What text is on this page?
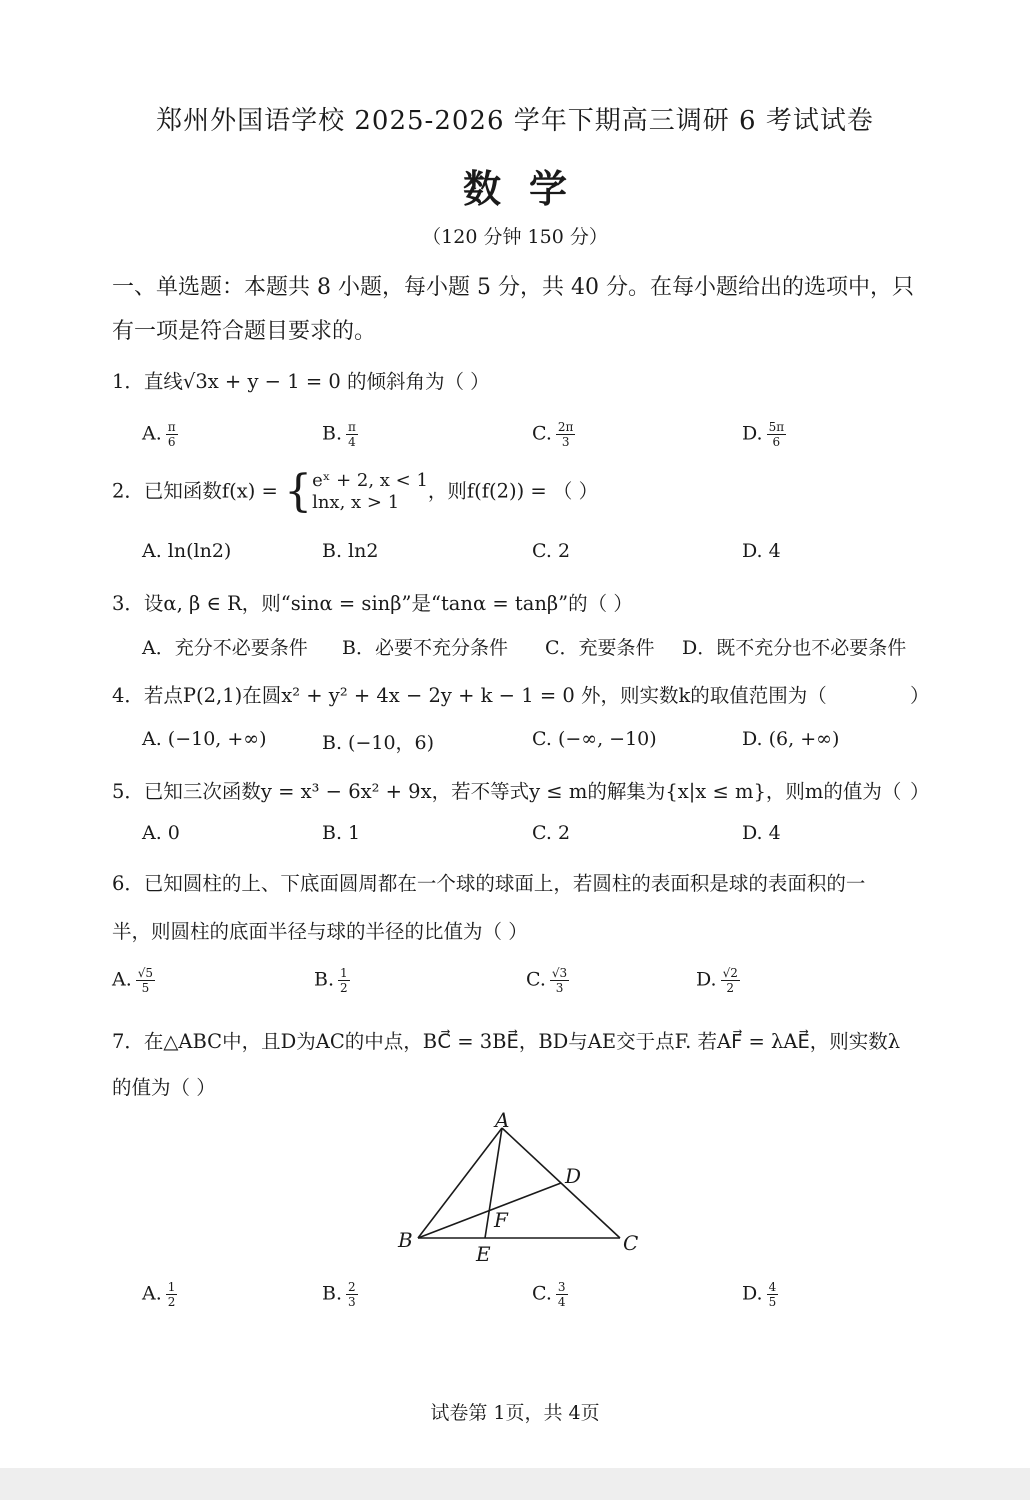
郑州外国语学校 2025-2026 学年下期高三调研 6 考试试卷
数学
（120 分钟 150 分）
一、单选题：本题共 8 小题，每小题 5 分，共 40 分。在每小题给出的选项中，只有一项是符合题目要求的。
1．直线√3x + y − 1 = 0 的倾斜角为（ ）
A. $\frac{\pi}{6}$	B. $\frac{\pi}{4}$	C. $\frac{2\pi}{3}$	D. $\frac{5\pi}{6}$
2．已知函数f(x) = { eˣ + 2, x < 1
lnx, x > 1	，则f(f(2)) = （ ）
A. ln(ln2)	B. ln2	C. 2	D. 4
3．设α, β ∈ R，则“sinα = sinβ”是“tanα = tanβ”的（ ）
A．充分不必要条件 B．必要不充分条件 C．充要条件 D．既不充分也不必要条件
4．若点P(2,1)在圆x² + y² + 4x − 2y + k − 1 = 0 外，则实数k的取值范围为（	）
A. (−10, +∞)	B. (−10，6)	C. (−∞, −10)	D. (6, +∞)
5．已知三次函数y = x³ − 6x² + 9x，若不等式y ≤ m的解集为{x|x ≤ m}，则m的值为（ ）
A. 0	B. 1	C. 2	D. 4
6．已知圆柱的上、下底面圆周都在一个球的球面上，若圆柱的表面积是球的表面积的一
半，则圆柱的底面半径与球的半径的比值为（ ）
A. $\frac{√5}{5}$	B. $\frac{1}{2}$	C. $\frac{√3}{3}$	D. $\frac{√2}{2}$
7．在△ABC中，且D为AC的中点，BC⃗ = 3BE⃗，BD与AE交于点F. 若AF⃗ = λAE⃗，则实数λ
的值为（ ）
A
B	C
D
E
F
A. $\frac{1}{2}$	B. $\frac{2}{3}$	C. $\frac{3}{4}$	D. $\frac{4}{5}$
试卷第 1页，共 4页
